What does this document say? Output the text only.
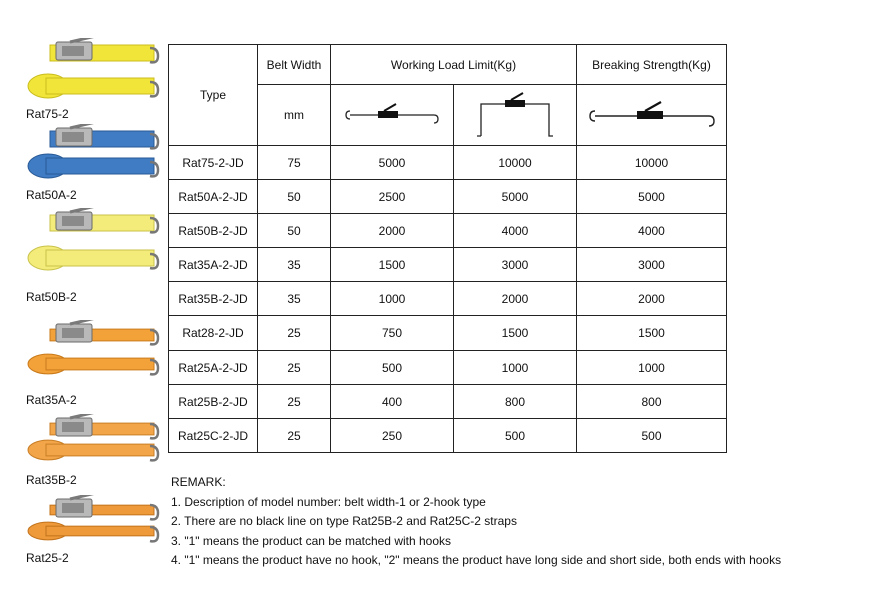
Rat75-2
Rat50A-2
Rat50B-2
Rat35A-2
Rat35B-2
Rat25-2
Type	Belt Width	Working Load Limit(Kg)		Breaking Strength(Kg)
	mm			
Rat75-2-JD	75	5000	10000	10000
Rat50A-2-JD	50	2500	5000	5000
Rat50B-2-JD	50	2000	4000	4000
Rat35A-2-JD	35	1500	3000	3000
Rat35B-2-JD	35	1000	2000	2000
Rat28-2-JD	25	750	1500	1500
Rat25A-2-JD	25	500	1000	1000
Rat25B-2-JD	25	400	800	800
Rat25C-2-JD	25	250	500	500
REMARK:
1. Description of model number: belt width-1 or 2-hook type
2. There are no black line on type Rat25B-2 and Rat25C-2 straps
3. "1" means the product can be matched with hooks
4. "1" means the product have no hook, "2" means the product have long side and short side, both ends with hooks
